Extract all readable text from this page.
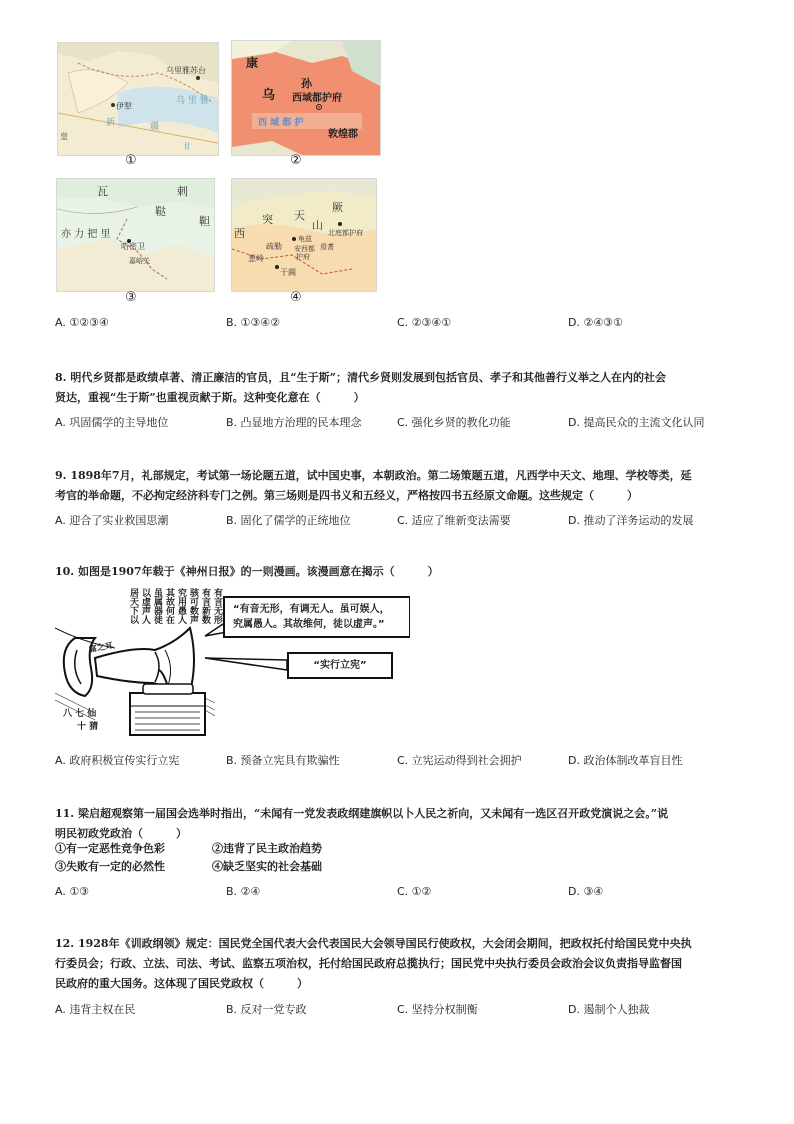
乌里雅苏台
乌 里 雅
伊犁
新	疆
皇
甘
①
康
乌
孙
西域都护府
西 域 都 护
敦煌郡
②
瓦	剌
鞑
靼
亦 力 把 里
哈密卫
嘉峪关
③
西
突 天
厥
山
北庭都护府
龟兹
安西都
护府
疏勒
葱岭
于阗
焉耆
④
A. ①②③④	B. ①③④②	C. ②③④①	D. ②④③①
8. 明代乡贤都是政绩卓著、清正廉洁的官员，且“生于斯”；清代乡贤则发展到包括官员、孝子和其他善行义举之人在内的社会
贤达，重视“生于斯”也重视贡献于斯。这种变化意在（　　　）
A. 巩固儒学的主导地位	B. 凸显地方治理的民本理念	C. 强化乡贤的教化功能	D. 提高民众的主流文化认同
9. 1898年7月，礼部规定，考试第一场论题五道，试中国史事，本朝政治。第二场策题五道，凡西学中天文、地理、学校等类，延
考官的举命题，不必拘定经济科专门之例。第三场则是四书义和五经义，严格按四书五经原文命题。这些规定（　　　）
A. 迎合了实业救国思潮	B. 固化了儒学的正统地位	C. 适应了维新变法需要	D. 推动了洋务运动的发展
10. 如图是1907年载于《神州日报》的一则漫画。该漫画意在揭示（　　　）
有言无形
有言新数
骇可数声
究用愚人
其故何在
虽属器徒
以虚声人
居天下以
“有音无形，有调无人。虽可娱人，
究属愚人。其故维何，徒以虚声。”
“实行立宪”
富之耳
八 七 仙
十 猜
A. 政府积极宣传实行立宪	B. 预备立宪具有欺骗性	C. 立宪运动得到社会拥护	D. 政治体制改革盲目性
11. 梁启超观察第一届国会选举时指出，“未闻有一党发表政纲建旗帜以卜人民之祈向，又未闻有一选区召开政党演说之会。”说
明民初政党政治（　　　）
①有一定恶性竞争色彩	②违背了民主政治趋势
③失败有一定的必然性	④缺乏坚实的社会基础
A. ①③	B. ②④	C. ①②	D. ③④
12. 1928年《训政纲领》规定：国民党全国代表大会代表国民大会领导国民行使政权，大会闭会期间，把政权托付给国民党中央执
行委员会；行政、立法、司法、考试、监察五项治权，托付给国民政府总揽执行；国民党中央执行委员会政治会议负责指导监督国
民政府的重大国务。这体现了国民党政权（　　　）
A. 违背主权在民	B. 反对一党专政	C. 坚持分权制衡	D. 遏制个人独裁
